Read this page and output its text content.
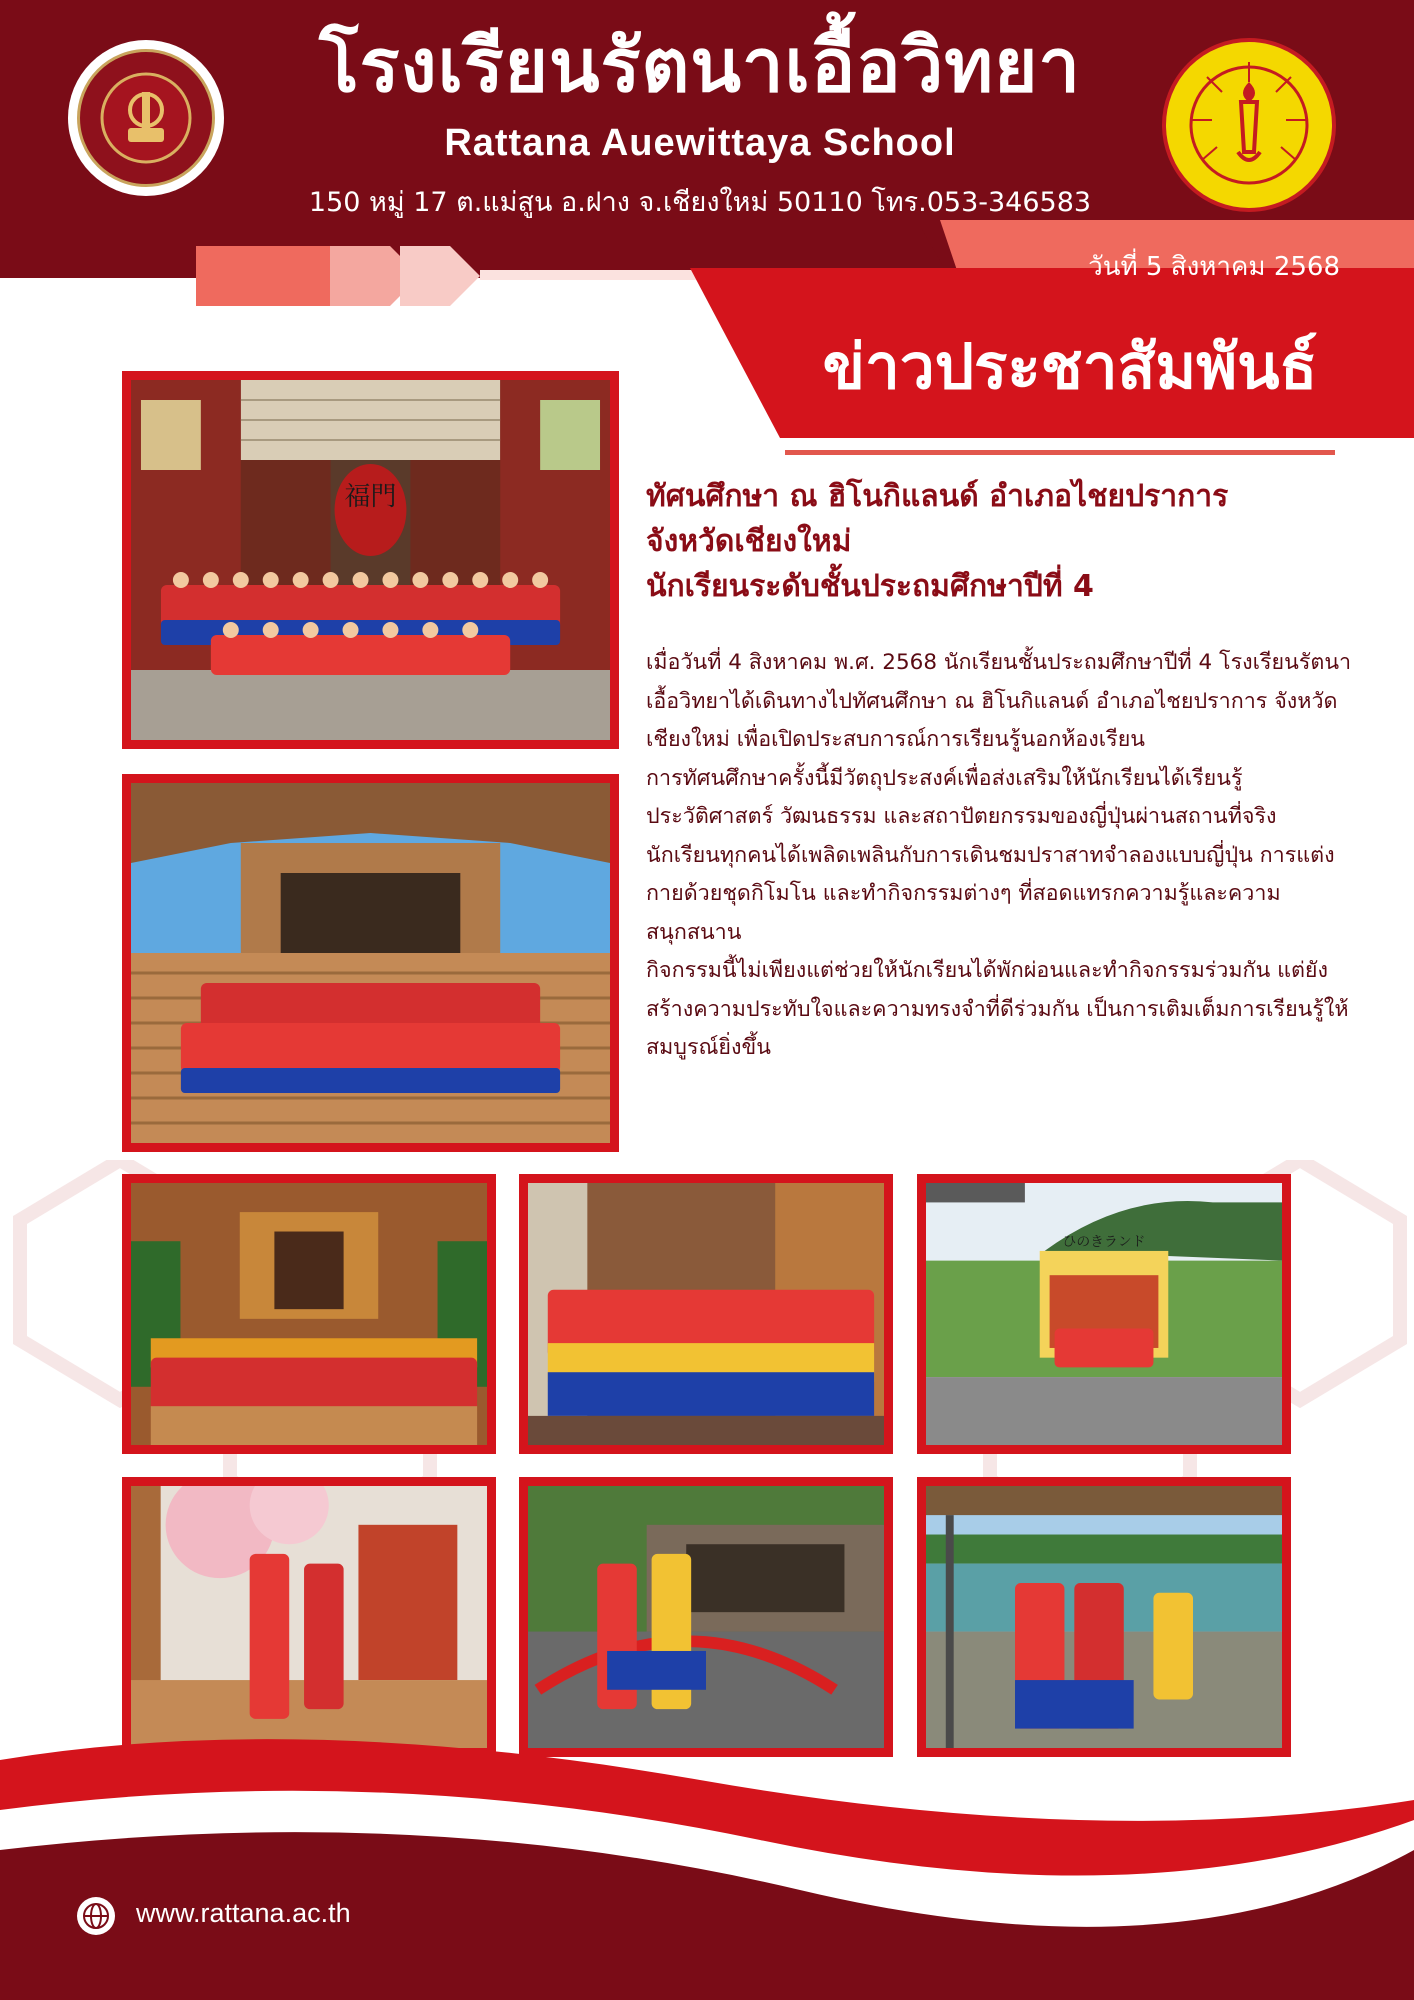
โรงเรียนรัตนาเอื้อวิทยา
Rattana Auewittaya School
150 หมู่ 17 ต.แม่สูน อ.ฝาง จ.เชียงใหม่ 50110 โทร.053-346583
วันที่ 5 สิงหาคม 2568
ข่าวประชาสัมพันธ์
福門	ทัศนศึกษา ณ ฮิโนกิแลนด์ อำเภอไชยปราการ
จังหวัดเชียงใหม่
นักเรียนระดับชั้นประถมศึกษาปีที่ 4

เมื่อวันที่ 4 สิงหาคม พ.ศ. 2568 นักเรียนชั้นประถมศึกษาปีที่ 4 โรงเรียนรัตนาเอื้อวิทยาได้เดินทางไปทัศนศึกษา ณ ฮิโนกิแลนด์ อำเภอไชยปราการ จังหวัดเชียงใหม่ เพื่อเปิดประสบการณ์การเรียนรู้นอกห้องเรียน

การทัศนศึกษาครั้งนี้มีวัตถุประสงค์เพื่อส่งเสริมให้นักเรียนได้เรียนรู้ประวัติศาสตร์ วัฒนธรรม และสถาปัตยกรรมของญี่ปุ่นผ่านสถานที่จริง นักเรียนทุกคนได้เพลิดเพลินกับการเดินชมปราสาทจำลองแบบญี่ปุ่น การแต่งกายด้วยชุดกิโมโน และทำกิจกรรมต่างๆ ที่สอดแทรกความรู้และความสนุกสนาน

กิจกรรมนี้ไม่เพียงแต่ช่วยให้นักเรียนได้พักผ่อนและทำกิจกรรมร่วมกัน แต่ยังสร้างความประทับใจและความทรงจำที่ดีร่วมกัน เป็นการเติมเต็มการเรียนรู้ให้สมบูรณ์ยิ่งขึ้น

ひのきランド
www.rattana.ac.th
